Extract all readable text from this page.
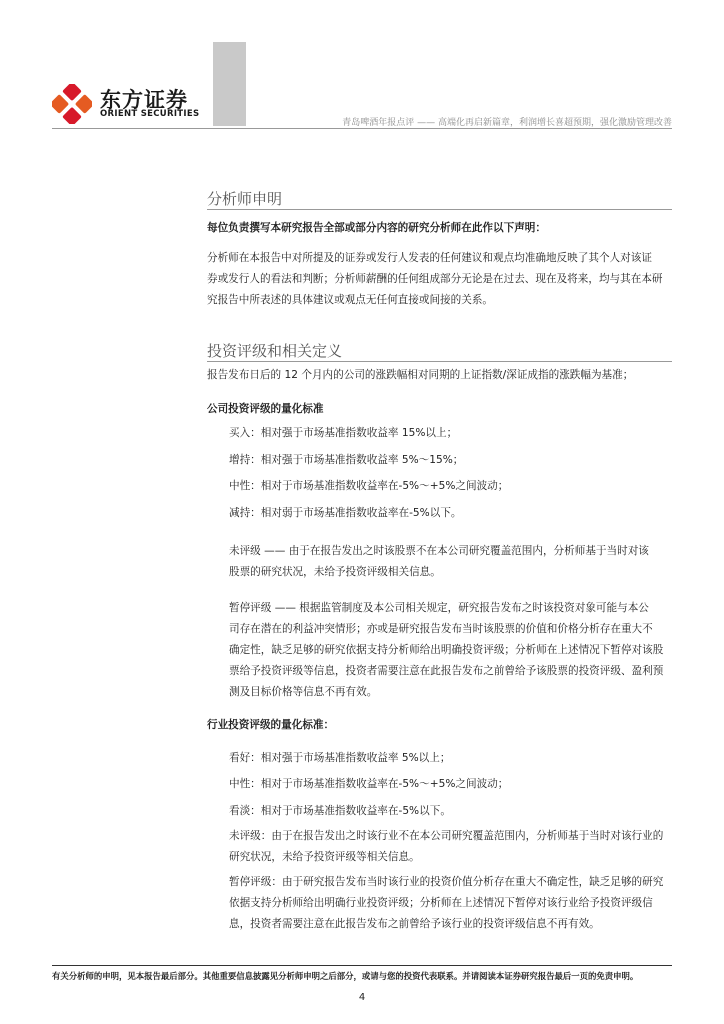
东方证券
ORIENT SECURITIES
青岛啤酒年报点评 —— 高端化再启新篇章，利润增长喜超预期，强化激励管理改善
分析师申明
每位负责撰写本研究报告全部或部分内容的研究分析师在此作以下声明：
分析师在本报告中对所提及的证券或发行人发表的任何建议和观点均准确地反映了其个人对该证
券或发行人的看法和判断；分析师薪酬的任何组成部分无论是在过去、现在及将来，均与其在本研
究报告中所表述的具体建议或观点无任何直接或间接的关系。
投资评级和相关定义
报告发布日后的 12 个月内的公司的涨跌幅相对同期的上证指数/深证成指的涨跌幅为基准；
公司投资评级的量化标准
买入：相对强于市场基准指数收益率 15%以上；
增持：相对强于市场基准指数收益率 5%～15%；
中性：相对于市场基准指数收益率在-5%～+5%之间波动；
减持：相对弱于市场基准指数收益率在-5%以下。
未评级 —— 由于在报告发出之时该股票不在本公司研究覆盖范围内，分析师基于当时对该
股票的研究状况，未给予投资评级相关信息。
暂停评级 —— 根据监管制度及本公司相关规定，研究报告发布之时该投资对象可能与本公
司存在潜在的利益冲突情形；亦或是研究报告发布当时该股票的价值和价格分析存在重大不
确定性，缺乏足够的研究依据支持分析师给出明确投资评级；分析师在上述情况下暂停对该股
票给予投资评级等信息，投资者需要注意在此报告发布之前曾给予该股票的投资评级、盈利预
测及目标价格等信息不再有效。
行业投资评级的量化标准：
看好：相对强于市场基准指数收益率 5%以上；
中性：相对于市场基准指数收益率在-5%～+5%之间波动；
看淡：相对于市场基准指数收益率在-5%以下。
未评级：由于在报告发出之时该行业不在本公司研究覆盖范围内，分析师基于当时对该行业的
研究状况，未给予投资评级等相关信息。
暂停评级：由于研究报告发布当时该行业的投资价值分析存在重大不确定性，缺乏足够的研究
依据支持分析师给出明确行业投资评级；分析师在上述情况下暂停对该行业给予投资评级信
息，投资者需要注意在此报告发布之前曾给予该行业的投资评级信息不再有效。
有关分析师的申明，见本报告最后部分。其他重要信息披露见分析师申明之后部分，或请与您的投资代表联系。并请阅读本证券研究报告最后一页的免责申明。
4
